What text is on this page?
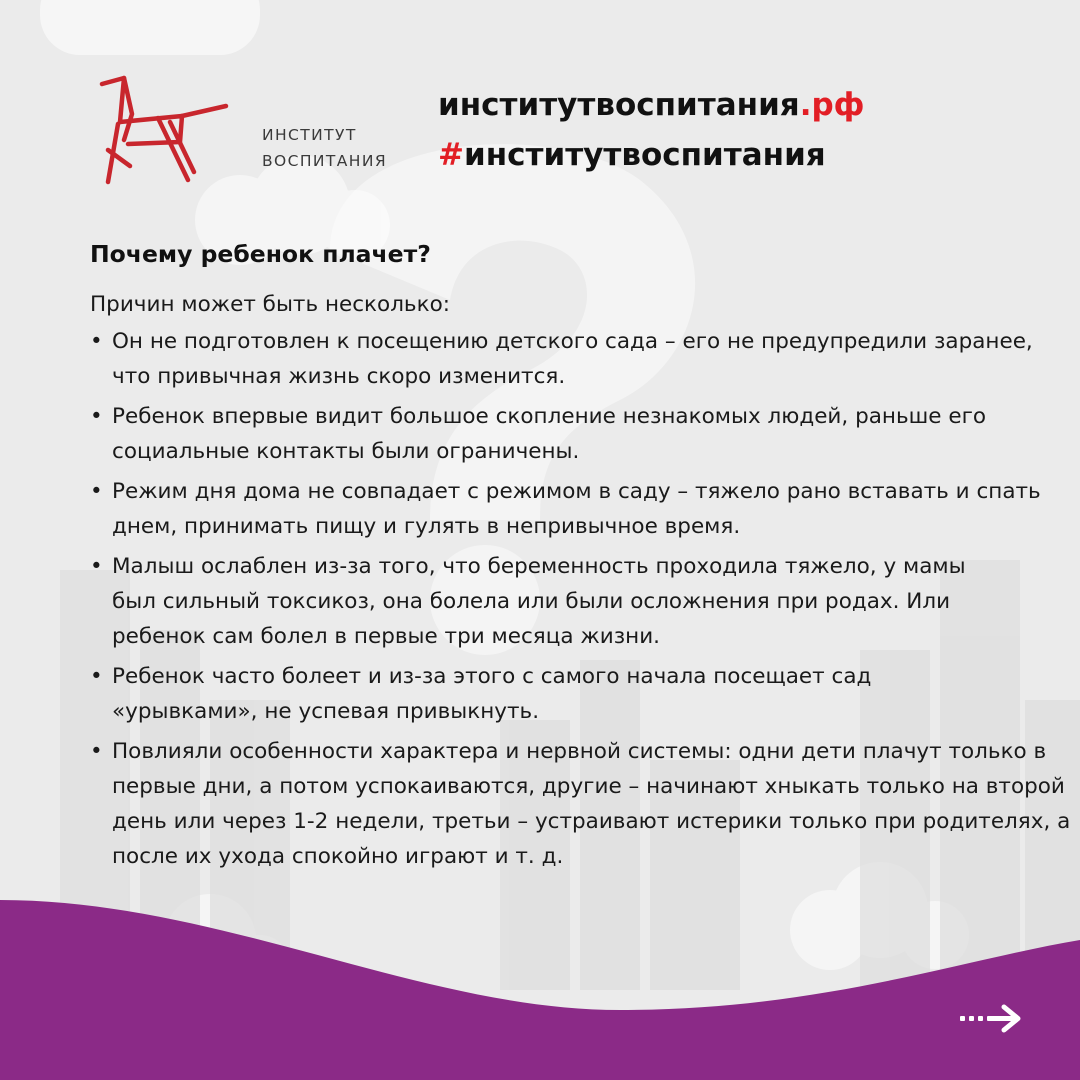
ИНСТИТУТ
ВОСПИТАНИЯ
институтвоспитания.рф
#институтвоспитания
Почему ребенок плачет?

Причин может быть несколько:

• Он не подготовлен к посещению детского сада – его не предупредили заранее, что привычная жизнь скоро изменится.
• Ребенок впервые видит большое скопление незнакомых людей, раньше его социальные контакты были ограничены.
• Режим дня дома не совпадает с режимом в саду – тяжело рано вставать и спать днем, принимать пищу и гулять в непривычное время.
• Малыш ослаблен из-за того, что беременность проходила тяжело, у мамы был сильный токсикоз, она болела или были осложнения при родах. Или ребенок сам болел в первые три месяца жизни.
• Ребенок часто болеет и из-за этого с самого начала посещает сад «урывками», не успевая привыкнуть.
• Повлияли особенности характера и нервной системы: одни дети плачут только в первые дни, а потом успокаиваются, другие – начинают хныкать только на второй день или через 1-2 недели, третьи – устраивают истерики только при родителях, а после их ухода спокойно играют и т. д.
